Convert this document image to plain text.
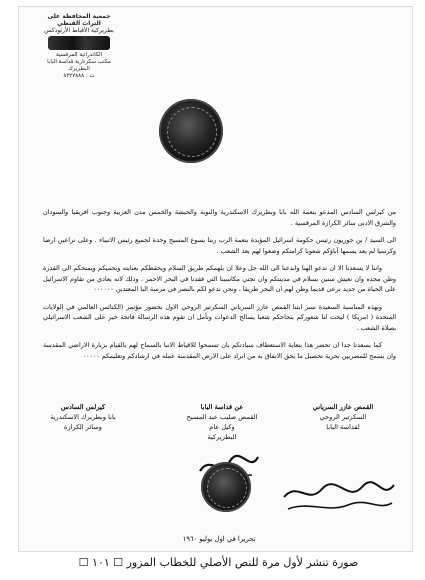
جمعية المحافظة على التراث القبطي
بطريركية الأقباط الأرثوذكس
الكاتدرائية المرقسية
مكتب سكرتارية قداسة البابا البطريرك
ت : ٨٢٢٧٨٨٨

من كيرلس السادس المدعو بنعمة الله بابا وبطريرك الاسكندرية والنوبة والحبشة والخمس مدن الغربية وجنوب افريقيا والسودان والشرق الادنى سائر الكرازة المرقسية .

الى السيد / بن جوريون رئيس حكومة اسرائيل المؤيدة بنعمة الرب ربنا يسوع المسيح وحدة لجميع رئيس الانبياء . وعلى نراعين ارضا وكرسيا لم يعد يسمها آباؤكم شعوبا كرامتكم وضعوا لهم بعد الشعب .

واننا لا يسعدنا الا ان ندعو الهنا وابدعنا الى الله جل وعلا ان يلهمكم طريق السلام ويحفظكم بعنايته ويحميكم ويمنحكم الى القدرة وطن مجده وان نعيش سنين بسلام في مدينتكم وان نجني مكاسبنا التي فقدنا في البحر الاحمر ، وذلك لانه يعادي من تقاوم الاسرائيل على الحياة من جديد نرعى قديما وطن لهم ان البحر طريقا ، ونحن ندعو لكم بالنصر في مرسة البا المعتدين ٠٠٠٠٠٠

وبهذه المناسبة السعيدة نسر ابتنا القمص عازر السرياني السكرتير الروحي الاول بحضور مؤتمر (الكنائس العالمي في الولايات المتحدة ( امريكا ) ليحت لنا شعوركم بنجاحكم شعبا يسالح الدعوات ونأمل ان تقوم هذه الرسالة فاتحة خير على الشعب الاسرائيلي بصلاة الشعب .

كما يسعدنا جدا ان تحضر هذا بتعاية الاستعطاف سيادتكم بان تسمحوا للاقباط الانبا بالسماح لهم بالقيام بزيارة الاراضي المقدسة وان يسمح للمصريين بحرية تحصيل ما يحق الانفاق به من ابراد على الارض المقدسة عمله في ارشادكم وتعليمكم ٠٠٠٠٠

القمص عازر السرياني
السكرتير الروحي
لقداسة البابا
عن قداسة البابا
القمص صليب عبد المسيح
وكيل عام
البطريركية
كيرلس السادس
بابا وبطريرك الاسكندرية
وسائر الكرازة
تحريرا في اول يوليو ١٩٦٠
صورة تنشر لأول مرة للنص الأصلي للخطاب المزور ☐ ١٠١ ☐
